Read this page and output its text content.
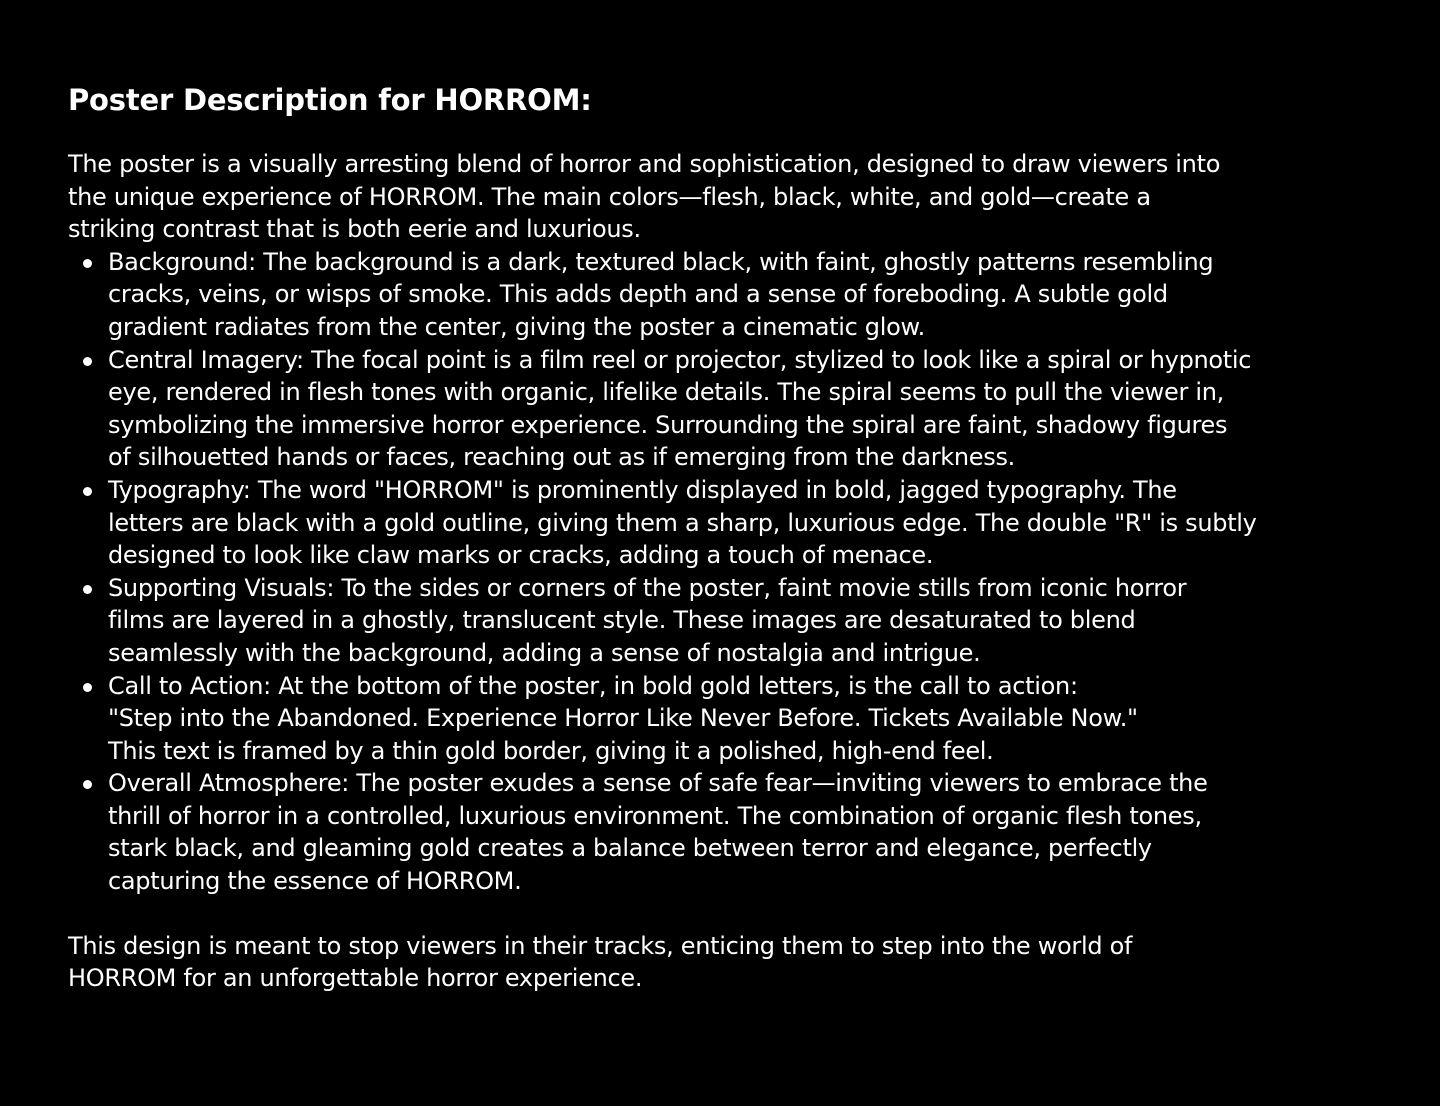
Poster Description for HORROM:

The poster is a visually arresting blend of horror and sophistication, designed to draw viewers into
the unique experience of HORROM. The main colors—flesh, black, white, and gold—create a
striking contrast that is both eerie and luxurious.

Background: The background is a dark, textured black, with faint, ghostly patterns resembling
cracks, veins, or wisps of smoke. This adds depth and a sense of foreboding. A subtle gold
gradient radiates from the center, giving the poster a cinematic glow.
Central Imagery: The focal point is a film reel or projector, stylized to look like a spiral or hypnotic
eye, rendered in flesh tones with organic, lifelike details. The spiral seems to pull the viewer in,
symbolizing the immersive horror experience. Surrounding the spiral are faint, shadowy figures
of silhouetted hands or faces, reaching out as if emerging from the darkness.
Typography: The word "HORROM" is prominently displayed in bold, jagged typography. The
letters are black with a gold outline, giving them a sharp, luxurious edge. The double "R" is subtly
designed to look like claw marks or cracks, adding a touch of menace.
Supporting Visuals: To the sides or corners of the poster, faint movie stills from iconic horror
films are layered in a ghostly, translucent style. These images are desaturated to blend
seamlessly with the background, adding a sense of nostalgia and intrigue.
Call to Action: At the bottom of the poster, in bold gold letters, is the call to action:
"Step into the Abandoned. Experience Horror Like Never Before. Tickets Available Now."
This text is framed by a thin gold border, giving it a polished, high-end feel.
Overall Atmosphere: The poster exudes a sense of safe fear—inviting viewers to embrace the
thrill of horror in a controlled, luxurious environment. The combination of organic flesh tones,
stark black, and gleaming gold creates a balance between terror and elegance, perfectly
capturing the essence of HORROM.

This design is meant to stop viewers in their tracks, enticing them to step into the world of
HORROM for an unforgettable horror experience.
